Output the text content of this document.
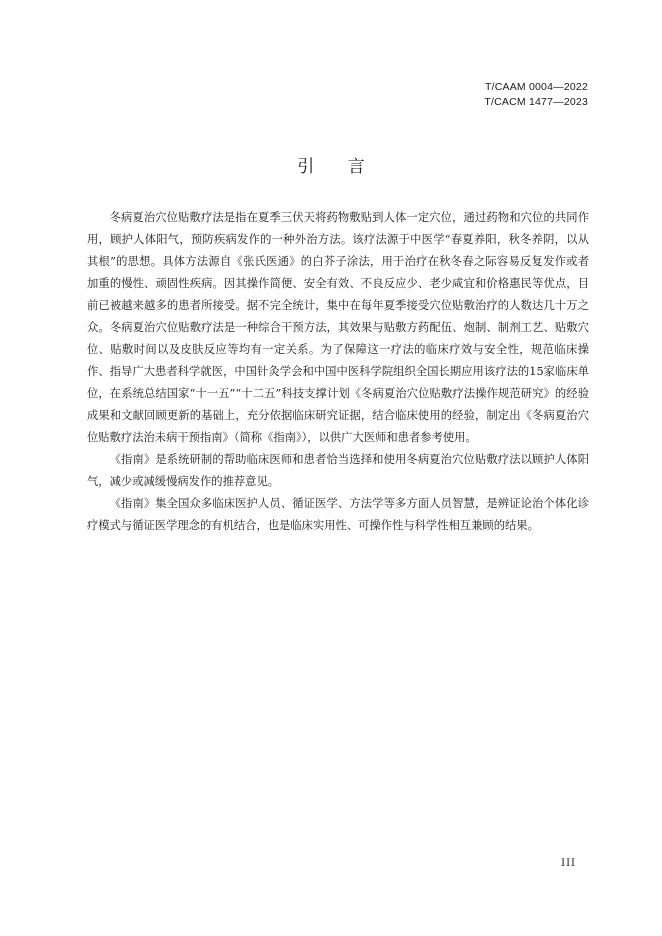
T/CAAM 0004—2022
T/CACM 1477—2023
引 言

冬病夏治穴位贴敷疗法是指在夏季三伏天将药物敷贴到人体一定穴位，通过药物和穴位的共同作用，顾护人体阳气，预防疾病发作的一种外治方法。该疗法源于中医学“春夏养阳，秋冬养阴，以从其根”的思想。具体方法源自《张氏医通》的白芥子涂法，用于治疗在秋冬春之际容易反复发作或者加重的慢性、顽固性疾病。因其操作简便、安全有效、不良反应少、老少咸宜和价格惠民等优点，目前已被越来越多的患者所接受。据不完全统计，集中在每年夏季接受穴位贴敷治疗的人数达几十万之众。冬病夏治穴位贴敷疗法是一种综合干预方法，其效果与贴敷方药配伍、炮制、制剂工艺、贴敷穴位、贴敷时间以及皮肤反应等均有一定关系。为了保障这一疗法的临床疗效与安全性，规范临床操作、指导广大患者科学就医，中国针灸学会和中国中医科学院组织全国长期应用该疗法的15家临床单位，在系统总结国家“十一五”“十二五”科技支撑计划《冬病夏治穴位贴敷疗法操作规范研究》的经验成果和文献回顾更新的基础上，充分依据临床研究证据，结合临床使用的经验，制定出《冬病夏治穴位贴敷疗法治未病干预指南》（简称《指南》），以供广大医师和患者参考使用。

《指南》是系统研制的帮助临床医师和患者恰当选择和使用冬病夏治穴位贴敷疗法以顾护人体阳气，减少或减缓慢病发作的推荐意见。

《指南》集全国众多临床医护人员、循证医学、方法学等多方面人员智慧，是辨证论治个体化诊疗模式与循证医学理念的有机结合，也是临床实用性、可操作性与科学性相互兼顾的结果。

III
